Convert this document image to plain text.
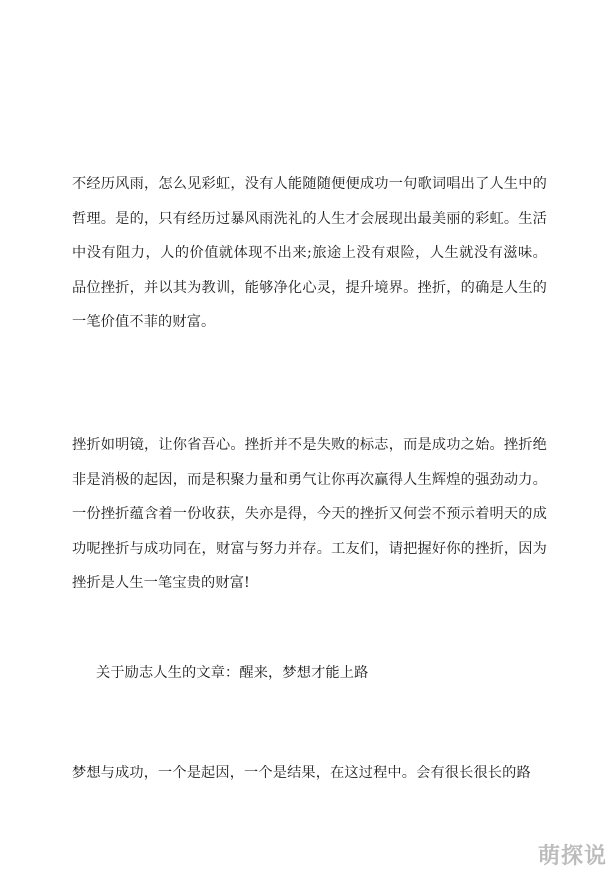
不经历风雨，怎么见彩虹，没有人能随随便便成功一句歌词唱出了人生中的哲理。是的，只有经历过暴风雨洗礼的人生才会展现出最美丽的彩虹。生活中没有阻力，人的价值就体现不出来;旅途上没有艰险，人生就没有滋味。品位挫折，并以其为教训，能够净化心灵，提升境界。挫折，的确是人生的一笔价值不菲的财富。

挫折如明镜，让你省吾心。挫折并不是失败的标志，而是成功之始。挫折绝非是消极的起因，而是积聚力量和勇气让你再次赢得人生辉煌的强劲动力。一份挫折蕴含着一份收获，失亦是得，今天的挫折又何尝不预示着明天的成功呢挫折与成功同在，财富与努力并存。工友们，请把握好你的挫折，因为挫折是人生一笔宝贵的财富!

关于励志人生的文章：醒来，梦想才能上路

梦想与成功，一个是起因，一个是结果，在这过程中。会有很长很长的路

萌探说
